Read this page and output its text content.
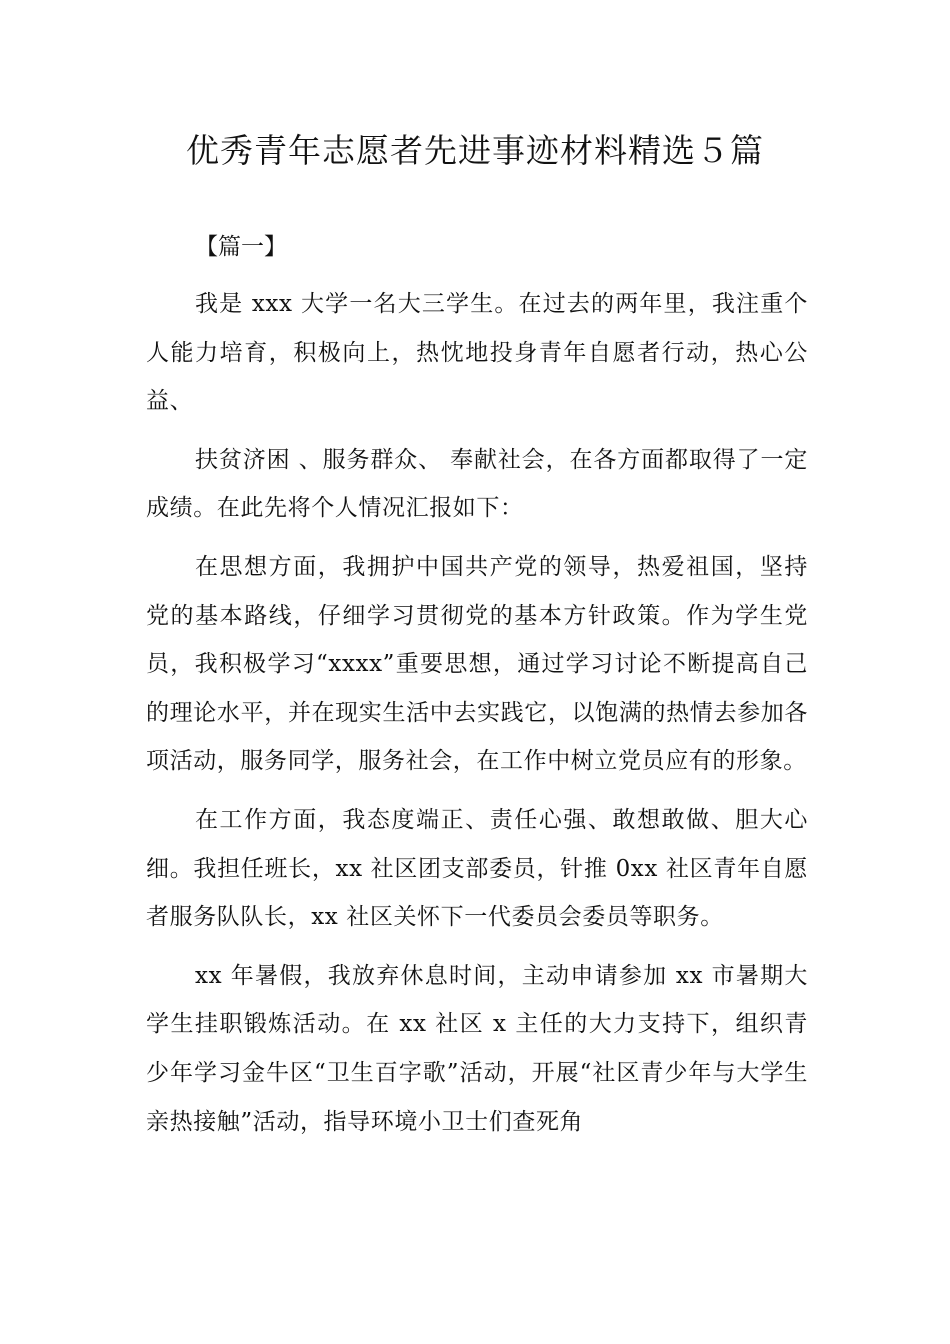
优秀青年志愿者先进事迹材料精选５篇
【篇一】

我是 xxx 大学一名大三学生。在过去的两年里，我注重个人能力培育，积极向上，热忱地投身青年自愿者行动，热心公益、

扶贫济困 、服务群众、 奉献社会，在各方面都取得了一定成绩。在此先将个人情况汇报如下：

在思想方面，我拥护中国共产党的领导，热爱祖国，坚持党的基本路线，仔细学习贯彻党的基本方针政策。作为学生党员，我积极学习“xxxx”重要思想，通过学习讨论不断提高自己的理论水平，并在现实生活中去实践它，以饱满的热情去参加各项活动，服务同学，服务社会，在工作中树立党员应有的形象。

在工作方面，我态度端正、责任心强、敢想敢做、胆大心细。我担任班长，xx 社区团支部委员，针推 0xx 社区青年自愿者服务队队长，xx 社区关怀下一代委员会委员等职务。

xx 年暑假，我放弃休息时间，主动申请参加 xx 市暑期大学生挂职锻炼活动。在 xx 社区 x 主任的大力支持下，组织青少年学习金牛区“卫生百字歌”活动，开展“社区青少年与大学生亲热接触”活动，指导环境小卫士们查死角
